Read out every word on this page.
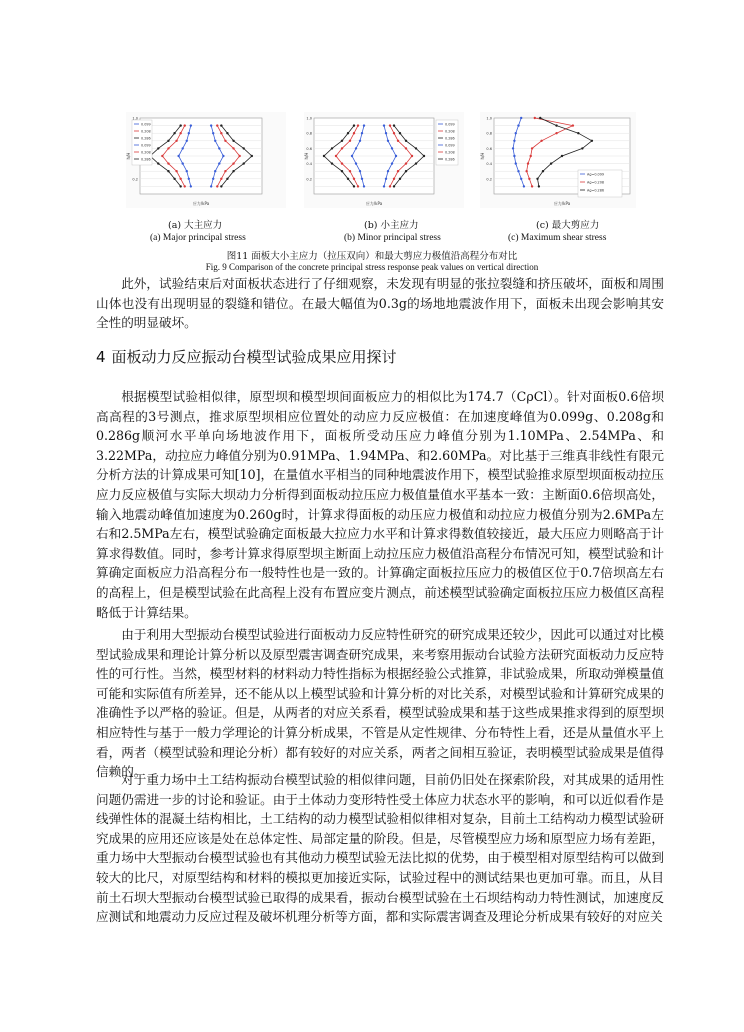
0.2
1.0
应力/kPa
h/H
0.099
0.208
0.286
0.099
0.208
0.286
0.2
0.4
0.6
0.8
1.0
应力/kPa
h/H
0.099
0.208
0.286
0.099
0.208
0.286
0.2
0.4
0.6
0.8
1.0
应力/kPa
h/H
Ag=0.099
Ag=0.208
Ag=0.286
(a) 大主应力	(b) 小主应力	(c) 最大剪应力
(a) Major principal stress	(b) Minor principal stress	(c) Maximum shear stress
图11 面板大小主应力（拉压双向）和最大剪应力极值沿高程分布对比
Fig. 9 Comparison of the concrete principal stress response peak values on vertical direction

此外，试验结束后对面板状态进行了仔细观察，未发现有明显的张拉裂缝和挤压破坏，面板和周围山体也没有出现明显的裂缝和错位。在最大幅值为0.3g的场地地震波作用下，面板未出现会影响其安全性的明显破坏。

4 面板动力反应振动台模型试验成果应用探讨

根据模型试验相似律，原型坝和模型坝间面板应力的相似比为174.7（CρCl）。针对面板0.6倍坝高高程的3号测点，推求原型坝相应位置处的动应力反应极值：在加速度峰值为0.099g、0.208g和0.286g顺河水平单向场地波作用下，面板所受动压应力峰值分别为1.10MPa、2.54MPa、和3.22MPa，动拉应力峰值分别为0.91MPa、1.94MPa、和2.60MPa。对比基于三维真非线性有限元分析方法的计算成果可知[10]，在量值水平相当的同种地震波作用下，模型试验推求原型坝面板动拉压应力反应极值与实际大坝动力分析得到面板动拉压应力极值量值水平基本一致：主断面0.6倍坝高处，输入地震动峰值加速度为0.260g时，计算求得面板的动压应力极值和动拉应力极值分别为2.6MPa左右和2.5MPa左右，模型试验确定面板最大拉应力水平和计算求得数值较接近，最大压应力则略高于计算求得数值。同时，参考计算求得原型坝主断面上动拉压应力极值沿高程分布情况可知，模型试验和计算确定面板应力沿高程分布一般特性也是一致的。计算确定面板拉压应力的极值区位于0.7倍坝高左右的高程上，但是模型试验在此高程上没有布置应变片测点，前述模型试验确定面板拉压应力极值区高程略低于计算结果。

由于利用大型振动台模型试验进行面板动力反应特性研究的研究成果还较少，因此可以通过对比模型试验成果和理论计算分析以及原型震害调查研究成果，来考察用振动台试验方法研究面板动力反应特性的可行性。当然，模型材料的材料动力特性指标为根据经验公式推算，非试验成果，所取动弹模量值可能和实际值有所差异，还不能从以上模型试验和计算分析的对比关系，对模型试验和计算研究成果的准确性予以严格的验证。但是，从两者的对应关系看，模型试验成果和基于这些成果推求得到的原型坝相应特性与基于一般力学理论的计算分析成果，不管是从定性规律、分布特性上看，还是从量值水平上看，两者（模型试验和理论分析）都有较好的对应关系，两者之间相互验证，表明模型试验成果是值得信赖的。

对于重力场中土工结构振动台模型试验的相似律问题，目前仍旧处在探索阶段，对其成果的适用性问题仍需进一步的讨论和验证。由于土体动力变形特性受土体应力状态水平的影响，和可以近似看作是线弹性体的混凝土结构相比，土工结构的动力模型试验相似律相对复杂，目前土工结构动力模型试验研究成果的应用还应该是处在总体定性、局部定量的阶段。但是，尽管模型应力场和原型应力场有差距，重力场中大型振动台模型试验也有其他动力模型试验无法比拟的优势，由于模型相对原型结构可以做到较大的比尺，对原型结构和材料的模拟更加接近实际，试验过程中的测试结果也更加可靠。而且，从目前土石坝大型振动台模型试验已取得的成果看，振动台模型试验在土石坝结构动力特性测试，加速度反应测试和地震动力反应过程及破坏机理分析等方面，都和实际震害调查及理论分析成果有较好的对应关
